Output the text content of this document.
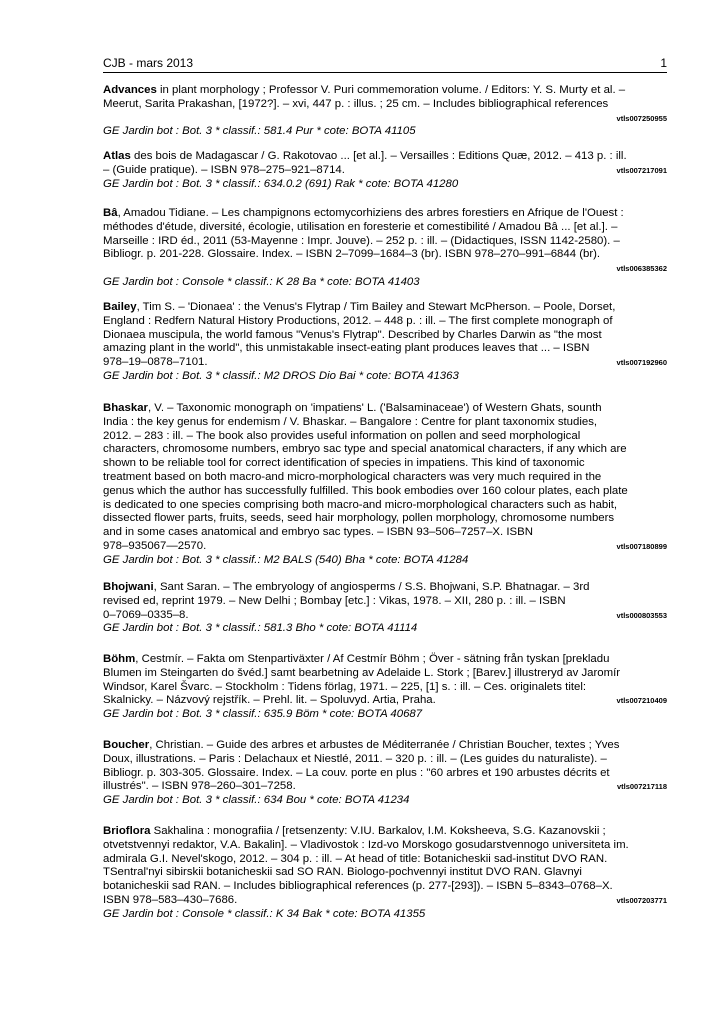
CJB - mars 2013	1

Advances in plant morphology ; Professor V. Puri commemoration volume. / Editors: Y. S. Murty et al. –
Meerut, Sarita Prakashan, [1972?]. – xvi, 447 p. : illus. ; 25 cm. – Includes bibliographical references

vtls007250955

GE Jardin bot : Bot. 3 * classif.: 581.4 Pur * cote: BOTA 41105

Atlas des bois de Madagascar / G. Rakotovao ... [et al.]. – Versailles : Editions Quæ, 2012. – 413 p. : ill.

vtls007217091
– (Guide pratique). – ISBN 978–275–921–8714.

GE Jardin bot : Bot. 3 * classif.: 634.0.2 (691) Rak * cote: BOTA 41280

Bâ, Amadou Tidiane. – Les champignons ectomycorhiziens des arbres forestiers en Afrique de l'Ouest :
méthodes d'étude, diversité, écologie, utilisation en foresterie et comestibilité / Amadou Bâ ... [et al.]. –
Marseille : IRD éd., 2011 (53-Mayenne : Impr. Jouve). – 252 p. : ill. – (Didactiques, ISSN 1142-2580). –
Bibliogr. p. 201-228. Glossaire. Index. – ISBN 2–7099–1684–3 (br). ISBN 978–270–991–6844 (br).

vtls006385362

GE Jardin bot : Console * classif.: K 28 Ba * cote: BOTA 41403

Bailey, Tim S. – 'Dionaea' : the Venus's Flytrap / Tim Bailey and Stewart McPherson. – Poole, Dorset,
England : Redfern Natural History Productions, 2012. – 448 p. : ill. – The first complete monograph of
Dionaea muscipula, the world famous "Venus's Flytrap". Described by Charles Darwin as "the most
amazing plant in the world", this unmistakable insect-eating plant produces leaves that ... – ISBN

vtls007192960
978–19–0878–7101.

GE Jardin bot : Bot. 3 * classif.: M2 DROS Dio Bai * cote: BOTA 41363

Bhaskar, V. – Taxonomic monograph on 'impatiens' L. ('Balsaminaceae') of Western Ghats, sounth
India : the key genus for endemism / V. Bhaskar. – Bangalore : Centre for plant taxonomix studies,
2012. – 283 : ill. – The book also provides useful information on pollen and seed morphological
characters, chromosome numbers, embryo sac type and special anatomical characters, if any which are
shown to be reliable tool for correct identification of species in impatiens. This kind of taxonomic
treatment based on both macro-and micro-morphological characters was very much required in the
genus which the author has successfully fulfilled. This book embodies over 160 colour plates, each plate
is dedicated to one species comprising both macro-and micro-morphological characters such as habit,
dissected flower parts, fruits, seeds, seed hair morphology, pollen morphology, chromosome numbers
and in some cases anatomical and embryo sac types. – ISBN 93–506–7257–X. ISBN

vtls007180899
978–935067—2570.

GE Jardin bot : Bot. 3 * classif.: M2 BALS (540) Bha * cote: BOTA 41284

Bhojwani, Sant Saran. – The embryology of angiosperms / S.S. Bhojwani, S.P. Bhatnagar. – 3rd
revised ed, reprint 1979. – New Delhi ; Bombay [etc.] : Vikas, 1978. – XII, 280 p. : ill. – ISBN

vtls000803553
0–7069–0335–8.

GE Jardin bot : Bot. 3 * classif.: 581.3 Bho * cote: BOTA 41114

Böhm, Cestmír. – Fakta om Stenpartiväxter / Af Cestmír Böhm ; Över - sätning från tyskan [prekladu
Blumen im Steingarten do švéd.] samt bearbetning av Adelaide L. Stork ; [Barev.] illustreryd av Jaromír
Windsor, Karel Švarc. – Stockholm : Tidens förlag, 1971. – 225, [1] s. : ill. – Ces. originalets titel:

vtls007210409
Skalnicky. – Názvový rejstřík. – Prehl. lit. – Spoluvyd. Artia, Praha.

GE Jardin bot : Bot. 3 * classif.: 635.9 Böm * cote: BOTA 40687

Boucher, Christian. – Guide des arbres et arbustes de Méditerranée / Christian Boucher, textes ; Yves
Doux, illustrations. – Paris : Delachaux et Niestlé, 2011. – 320 p. : ill. – (Les guides du naturaliste). –
Bibliogr. p. 303-305. Glossaire. Index. – La couv. porte en plus : "60 arbres et 190 arbustes décrits et

vtls007217118
illustrés". – ISBN 978–260–301–7258.

GE Jardin bot : Bot. 3 * classif.: 634 Bou * cote: BOTA 41234

Brioflora Sakhalina : monografiia / [retsenzenty: V.IU. Barkalov, I.M. Koksheeva, S.G. Kazanovskii ;
otvetstvennyi redaktor, V.A. Bakalin]. – Vladivostok : Izd-vo Morskogo gosudarstvennogo universiteta im.
admirala G.I. Nevel'skogo, 2012. – 304 p. : ill. – At head of title: Botanicheskii sad-institut DVO RAN.
TSentral'nyi sibirskii botanicheskii sad SO RAN. Biologo-pochvennyi institut DVO RAN. Glavnyi
botanicheskii sad RAN. – Includes bibliographical references (p. 277-[293]). – ISBN 5–8343–0768–X.

vtls007203771
ISBN 978–583–430–7686.

GE Jardin bot : Console * classif.: K 34 Bak * cote: BOTA 41355
